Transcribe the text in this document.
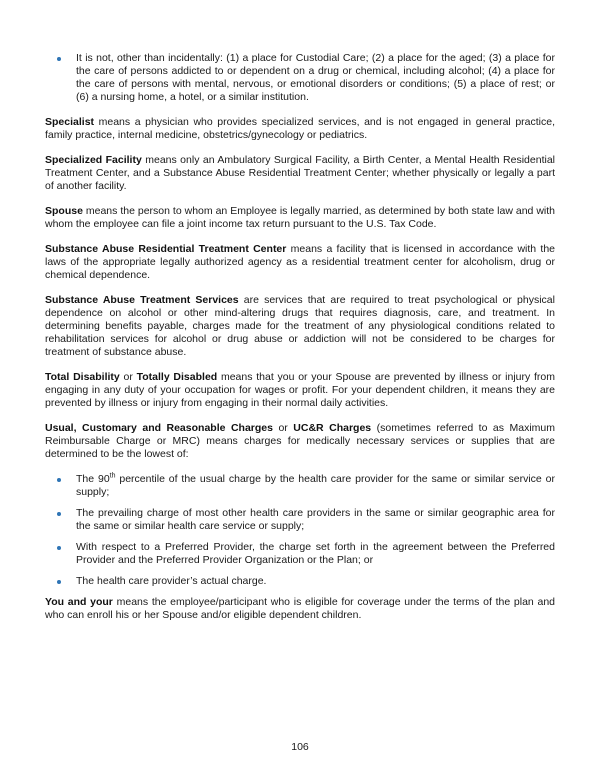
It is not, other than incidentally: (1) a place for Custodial Care; (2) a place for the aged; (3) a place for the care of persons addicted to or dependent on a drug or chemical, including alcohol; (4) a place for the care of persons with mental, nervous, or emotional disorders or conditions; (5) a place of rest; or (6) a nursing home, a hotel, or a similar institution.

Specialist means a physician who provides specialized services, and is not engaged in general practice, family practice, internal medicine, obstetrics/gynecology or pediatrics.

Specialized Facility means only an Ambulatory Surgical Facility, a Birth Center, a Mental Health Residential Treatment Center, and a Substance Abuse Residential Treatment Center; whether physically or legally a part of another facility.

Spouse means the person to whom an Employee is legally married, as determined by both state law and with whom the employee can file a joint income tax return pursuant to the U.S. Tax Code.

Substance Abuse Residential Treatment Center means a facility that is licensed in accordance with the laws of the appropriate legally authorized agency as a residential treatment center for alcoholism, drug or chemical dependence.

Substance Abuse Treatment Services are services that are required to treat psychological or physical dependence on alcohol or other mind-altering drugs that requires diagnosis, care, and treatment. In determining benefits payable, charges made for the treatment of any physiological conditions related to rehabilitation services for alcohol or drug abuse or addiction will not be considered to be charges for treatment of substance abuse.

Total Disability or Totally Disabled means that you or your Spouse are prevented by illness or injury from engaging in any duty of your occupation for wages or profit. For your dependent children, it means they are prevented by illness or injury from engaging in their normal daily activities.

Usual, Customary and Reasonable Charges or UC&R Charges (sometimes referred to as Maximum Reimbursable Charge or MRC) means charges for medically necessary services or supplies that are determined to be the lowest of:

The 90th percentile of the usual charge by the health care provider for the same or similar service or supply;
The prevailing charge of most other health care providers in the same or similar geographic area for the same or similar health care service or supply;
With respect to a Preferred Provider, the charge set forth in the agreement between the Preferred Provider and the Preferred Provider Organization or the Plan; or
The health care provider’s actual charge.

You and your means the employee/participant who is eligible for coverage under the terms of the plan and who can enroll his or her Spouse and/or eligible dependent children.

106
